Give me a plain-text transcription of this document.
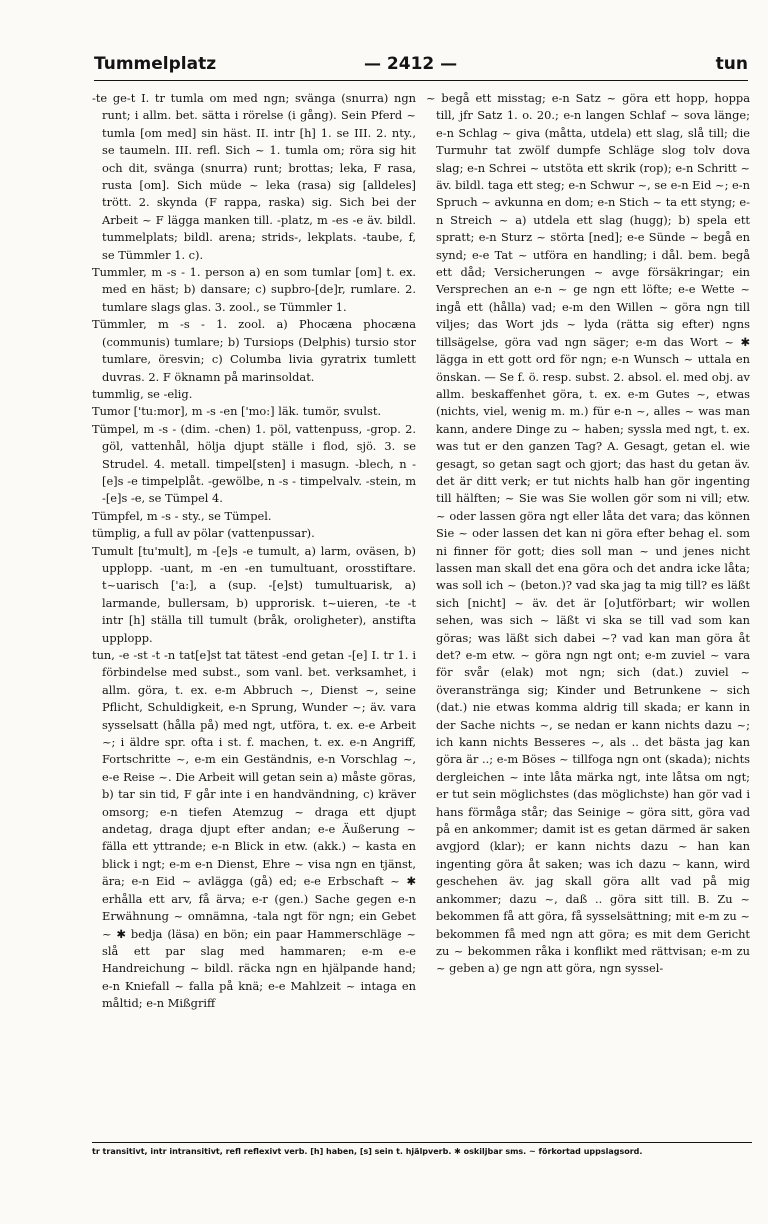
Tummelplatz	— 2412 —	tun

-te ge-t I. tr tumla om med ngn; svänga (snurra) ngn runt; i allm. bet. sätta i rörelse (i gång). Sein Pferd ~ tumla [om med] sin häst. II. intr [h] 1. se III. 2. nty., se taumeln. III. refl. Sich ~ 1. tumla om; röra sig hit och dit, svänga (snurra) runt; brottas; leka, F rasa, rusta [om]. Sich müde ~ leka (rasa) sig [alldeles] trött. 2. skynda (F rappa, raska) sig. Sich bei der Arbeit ~ F lägga manken till. -platz, m -es -e äv. bildl. tummelplats; bildl. arena; strids-, lekplats. -taube, f, se Tümmler 1. c).

Tummler, m -s - 1. person a) en som tumlar [om] t. ex. med en häst; b) dansare; c) supbro-[de]r, rumlare. 2. tumlare slags glas. 3. zool., se Tümmler 1.

Tümmler, m -s - 1. zool. a) Phocæna phocæna (communis) tumlare; b) Tursiops (Delphis) tursio stor tumlare, öresvin; c) Columba livia gyratrix tumlett duvras. 2. F öknamn på marinsoldat.

tummlig, se -elig.

Tumor ['tu:mor], m -s -en ['mo:] läk. tumör, svulst.

Tümpel, m -s - (dim. -chen) 1. pöl, vattenpuss, -grop. 2. göl, vattenhål, hölja djupt ställe i flod, sjö. 3. se Strudel. 4. metall. timpel[sten] i masugn. -blech, n -[e]s -e timpelplåt. -gewölbe, n -s - timpelvalv. -stein, m -[e]s -e, se Tümpel 4.

Tümpfel, m -s - sty., se Tümpel.

tümplig, a full av pölar (vattenpussar).

Tumult [tu'mult], m -[e]s -e tumult, a) larm, oväsen, b) upplopp. -uant, m -en -en tumultuant, orosstiftare. t~uarisch ['a:], a (sup. -[e]st) tumultuarisk, a) larmande, bullersam, b) upprorisk. t~uieren, -te -t intr [h] ställa till tumult (bråk, oroligheter), anstifta upplopp.

tun, -e -st -t -n tat[e]st tat tätest -end getan -[e] I. tr 1. i förbindelse med subst., som vanl. bet. verksamhet, i allm. göra, t. ex. e-m Abbruch ~, Dienst ~, seine Pflicht, Schuldigkeit, e-n Sprung, Wunder ~; äv. vara sysselsatt (hålla på) med ngt, utföra, t. ex. e-e Arbeit ~; i äldre spr. ofta i st. f. machen, t. ex. e-n Angriff, Fortschritte ~, e-m ein Geständnis, e-n Vorschlag ~, e-e Reise ~. Die Arbeit will getan sein a) måste göras, b) tar sin tid, F går inte i en handvändning, c) kräver omsorg; e-n tiefen Atemzug ~ draga ett djupt andetag, draga djupt efter andan; e-e Äußerung ~ fälla ett yttrande; e-n Blick in etw. (akk.) ~ kasta en blick i ngt; e-m e-n Dienst, Ehre ~ visa ngn en tjänst, ära; e-n Eid ~ avlägga (gå) ed; e-e Erbschaft ~ ✱ erhålla ett arv, få ärva; e-r (gen.) Sache gegen e-n Erwähnung ~ omnämna, -tala ngt för ngn; ein Gebet ~ ✱ bedja (läsa) en bön; ein paar Hammerschläge ~ slå ett par slag med hammaren; e-m e-e Handreichung ~ bildl. räcka ngn en hjälpande hand; e-n Kniefall ~ falla på knä; e-e Mahlzeit ~ intaga en måltid; e-n Mißgriff

~ begå ett misstag; e-n Satz ~ göra ett hopp, hoppa till, jfr Satz 1. o. 20.; e-n langen Schlaf ~ sova länge; e-n Schlag ~ giva (måtta, utdela) ett slag, slå till; die Turmuhr tat zwölf dumpfe Schläge slog tolv dova slag; e-n Schrei ~ utstöta ett skrik (rop); e-n Schritt ~ äv. bildl. taga ett steg; e-n Schwur ~, se e-n Eid ~; e-n Spruch ~ avkunna en dom; e-n Stich ~ ta ett styng; e-n Streich ~ a) utdela ett slag (hugg); b) spela ett spratt; e-n Sturz ~ störta [ned]; e-e Sünde ~ begå en synd; e-e Tat ~ utföra en handling; i dål. bem. begå ett dåd; Versicherungen ~ avge försäkringar; ein Versprechen an e-n ~ ge ngn ett löfte; e-e Wette ~ ingå ett (hålla) vad; e-m den Willen ~ göra ngn till viljes; das Wort jds ~ lyda (rätta sig efter) ngns tillsägelse, göra vad ngn säger; e-m das Wort ~ ✱ lägga in ett gott ord för ngn; e-n Wunsch ~ uttala en önskan. — Se f. ö. resp. subst. 2. absol. el. med obj. av allm. beskaffenhet göra, t. ex. e-m Gutes ~, etwas (nichts, viel, wenig m. m.) für e-n ~, alles ~ was man kann, andere Dinge zu ~ haben; syssla med ngt, t. ex. was tut er den ganzen Tag? A. Gesagt, getan el. wie gesagt, so getan sagt och gjort; das hast du getan äv. det är ditt verk; er tut nichts halb han gör ingenting till hälften; ~ Sie was Sie wollen gör som ni vill; etw. ~ oder lassen göra ngt eller låta det vara; das können Sie ~ oder lassen det kan ni göra efter behag el. som ni finner för gott; dies soll man ~ und jenes nicht lassen man skall det ena göra och det andra icke låta; was soll ich ~ (beton.)? vad ska jag ta mig till? es läßt sich [nicht] ~ äv. det är [o]utförbart; wir wollen sehen, was sich ~ läßt vi ska se till vad som kan göras; was läßt sich dabei ~? vad kan man göra åt det? e-m etw. ~ göra ngn ngt ont; e-m zuviel ~ vara för svår (elak) mot ngn; sich (dat.) zuviel ~ överanstränga sig; Kinder und Betrunkene ~ sich (dat.) nie etwas komma aldrig till skada; er kann in der Sache nichts ~, se nedan er kann nichts dazu ~; ich kann nichts Besseres ~, als .. det bästa jag kan göra är ..; e-m Böses ~ tillfoga ngn ont (skada); nichts dergleichen ~ inte låta märka ngt, inte låtsa om ngt; er tut sein möglichstes (das möglichste) han gör vad i hans förmåga står; das Seinige ~ göra sitt, göra vad på en ankommer; damit ist es getan därmed är saken avgjord (klar); er kann nichts dazu ~ han kan ingenting göra åt saken; was ich dazu ~ kann, wird geschehen äv. jag skall göra allt vad på mig ankommer; dazu ~, daß .. göra sitt till. B. Zu ~ bekommen få att göra, få sysselsättning; mit e-m zu ~ bekommen få med ngn att göra; es mit dem Gericht zu ~ bekommen råka i konflikt med rättvisan; e-m zu ~ geben a) ge ngn att göra, ngn syssel-

tr transitivt, intr intransitivt, refl reflexivt verb. [h] haben, [s] sein t. hjälpverb. ✱ oskiljbar sms. ~ förkortad uppslagsord.
